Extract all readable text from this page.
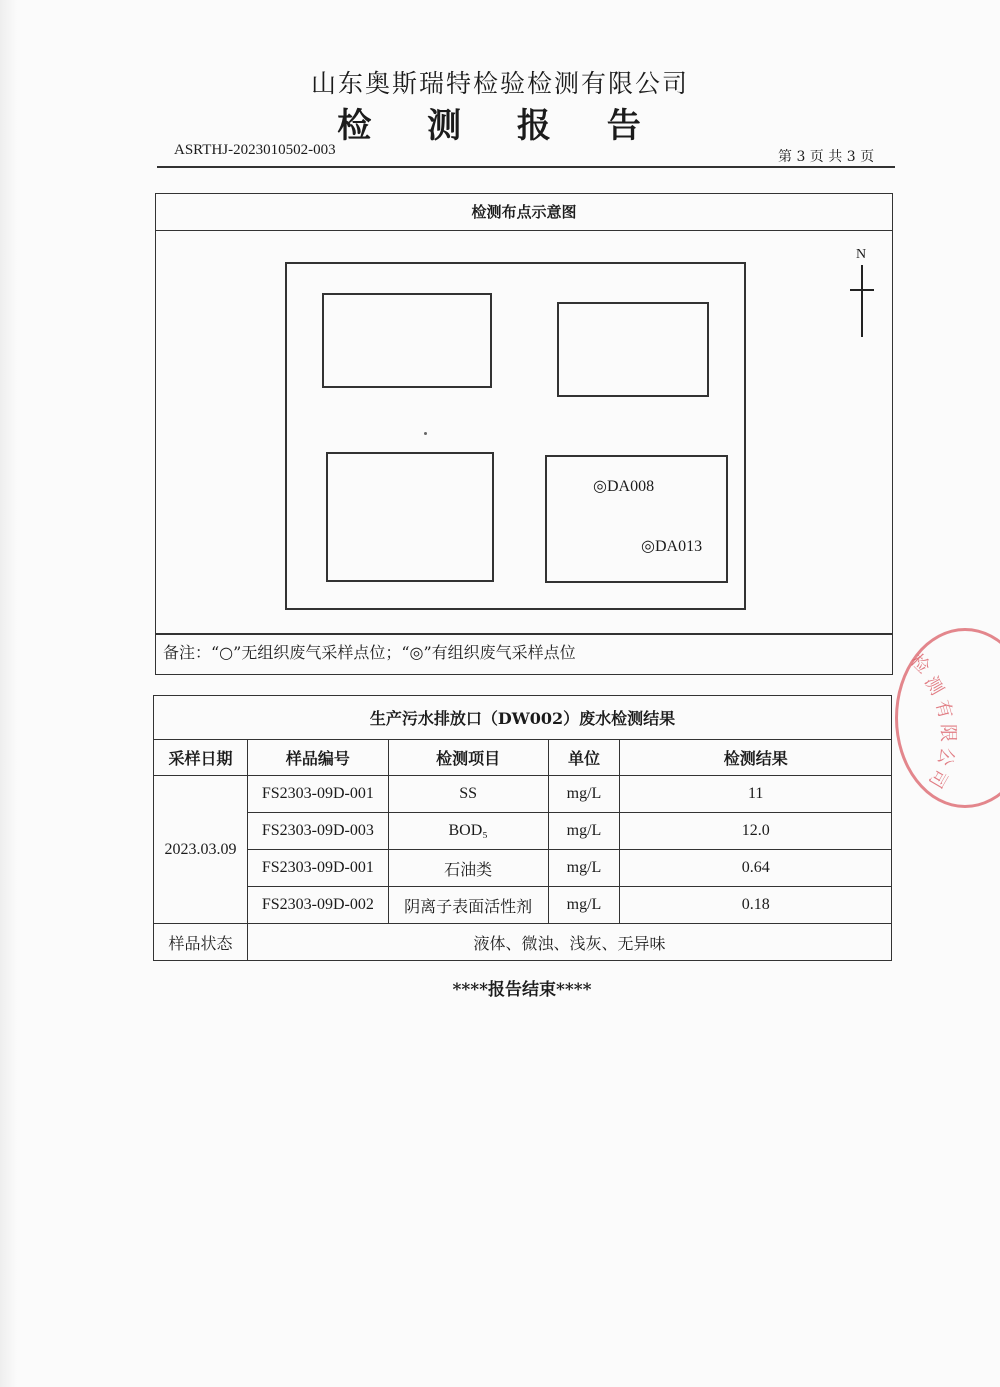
山东奥斯瑞特检验检测有限公司
检 测 报 告
ASRTHJ-2023010502-003	第 3 页 共 3 页
检测布点示意图
◎DA008
◎DA013
N
备注：“○”无组织废气采样点位；“◎”有组织废气采样点位
生产污水排放口（DW002）废水检测结果				
采样日期	样品编号	检测项目	单位	检测结果
2023.03.09	FS2303-09D-001	SS	mg/L	11
	FS2303-09D-003	BOD₅	mg/L	12.0
	FS2303-09D-001	石油类	mg/L	0.64
	FS2303-09D-002	阴离子表面活性剂	mg/L	0.18
样品状态	液体、微浊、浅灰、无异味			
****报告结束****
检
测
有
限
公
司
